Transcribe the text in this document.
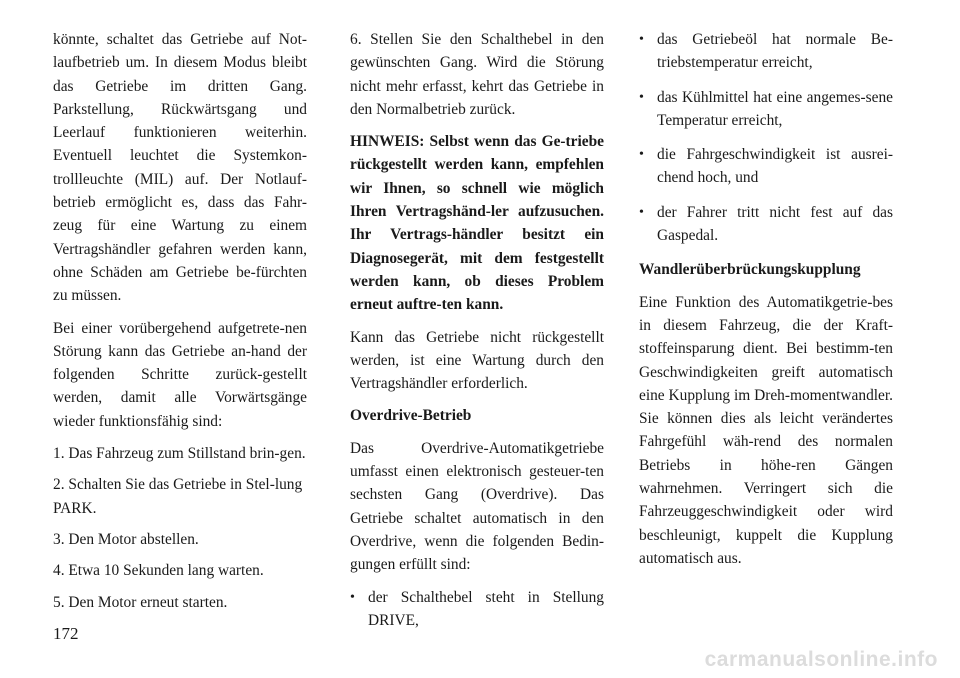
könnte, schaltet das Getriebe auf Not-laufbetrieb um. In diesem Modus bleibt das Getriebe im dritten Gang. Parkstellung, Rückwärtsgang und Leerlauf funktionieren weiterhin. Eventuell leuchtet die Systemkon-trollleuchte (MIL) auf. Der Notlauf-betrieb ermöglicht es, dass das Fahr-zeug für eine Wartung zu einem Vertragshändler gefahren werden kann, ohne Schäden am Getriebe be-fürchten zu müssen.

Bei einer vorübergehend aufgetrete-nen Störung kann das Getriebe an-hand der folgenden Schritte zurück-gestellt werden, damit alle Vorwärtsgänge wieder funktionsfähig sind:

1. Das Fahrzeug zum Stillstand brin-gen.

2. Schalten Sie das Getriebe in Stel-lung PARK.

3. Den Motor abstellen.

4. Etwa 10 Sekunden lang warten.

5. Den Motor erneut starten.

6. Stellen Sie den Schalthebel in den gewünschten Gang. Wird die Störung nicht mehr erfasst, kehrt das Getriebe in den Normalbetrieb zurück.

HINWEIS: Selbst wenn das Ge-triebe rückgestellt werden kann, empfehlen wir Ihnen, so schnell wie möglich Ihren Vertragshänd-ler aufzusuchen. Ihr Vertrags-händler besitzt ein Diagnosegerät, mit dem festgestellt werden kann, ob dieses Problem erneut auftre-ten kann.

Kann das Getriebe nicht rückgestellt werden, ist eine Wartung durch den Vertragshändler erforderlich.

Overdrive-Betrieb

Das Overdrive-Automatikgetriebe umfasst einen elektronisch gesteuer-ten sechsten Gang (Overdrive). Das Getriebe schaltet automatisch in den Overdrive, wenn die folgenden Bedin-gungen erfüllt sind:

• der Schalthebel steht in Stellung DRIVE,
• das Getriebeöl hat normale Be-triebstemperatur erreicht,
• das Kühlmittel hat eine angemes-sene Temperatur erreicht,
• die Fahrgeschwindigkeit ist ausrei-chend hoch, und
• der Fahrer tritt nicht fest auf das Gaspedal.
Wandlerüberbrückungskupplung

Eine Funktion des Automatikgetrie-bes in diesem Fahrzeug, die der Kraft-stoffeinsparung dient. Bei bestimm-ten Geschwindigkeiten greift automatisch eine Kupplung im Dreh-momentwandler. Sie können dies als leicht verändertes Fahrgefühl wäh-rend des normalen Betriebs in höhe-ren Gängen wahrnehmen. Verringert sich die Fahrzeuggeschwindigkeit oder wird beschleunigt, kuppelt die Kupplung automatisch aus.

172
carmanualsonline.info
